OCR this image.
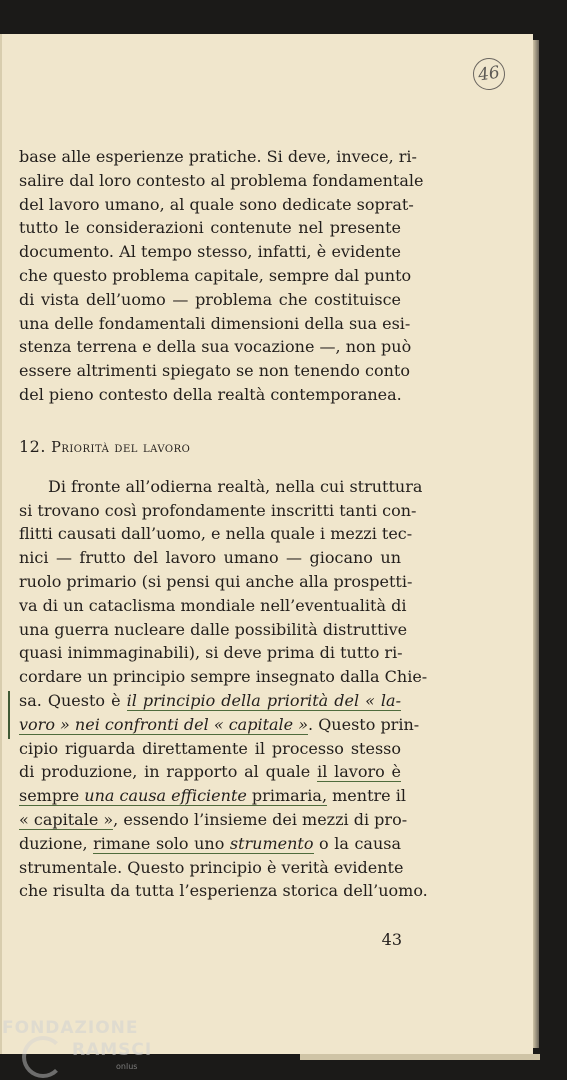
46
base alle esperienze pratiche. Si deve, invece, ri-
salire dal loro contesto al problema fondamentale
del lavoro umano, al quale sono dedicate soprat-
tutto le considerazioni contenute nel presente
documento. Al tempo stesso, infatti, è evidente
che questo problema capitale, sempre dal punto
di vista dell’uomo — problema che costituisce
una delle fondamentali dimensioni della sua esi-
stenza terrena e della sua vocazione —, non può
essere altrimenti spiegato se non tenendo conto
del pieno contesto della realtà contemporanea.
12. Priorità del lavoro
Di fronte all’odierna realtà, nella cui struttura
si trovano così profondamente inscritti tanti con-
flitti causati dall’uomo, e nella quale i mezzi tec-
nici — frutto del lavoro umano — giocano un
ruolo primario (si pensi qui anche alla prospetti-
va di un cataclisma mondiale nell’eventualità di
una guerra nucleare dalle possibilità distruttive
quasi inimmaginabili), si deve prima di tutto ri-
cordare un principio sempre insegnato dalla Chie-
sa. Questo è il principio della priorità del « la-
voro » nei confronti del « capitale ». Questo prin-
cipio riguarda direttamente il processo stesso
di produzione, in rapporto al quale il lavoro è
sempre una causa efficiente primaria, mentre il
« capitale », essendo l’insieme dei mezzi di pro-
duzione, rimane solo uno strumento o la causa
strumentale. Questo principio è verità evidente
che risulta da tutta l’esperienza storica dell’uomo.
43
FONDAZIONE
RAMSCI
onlus
